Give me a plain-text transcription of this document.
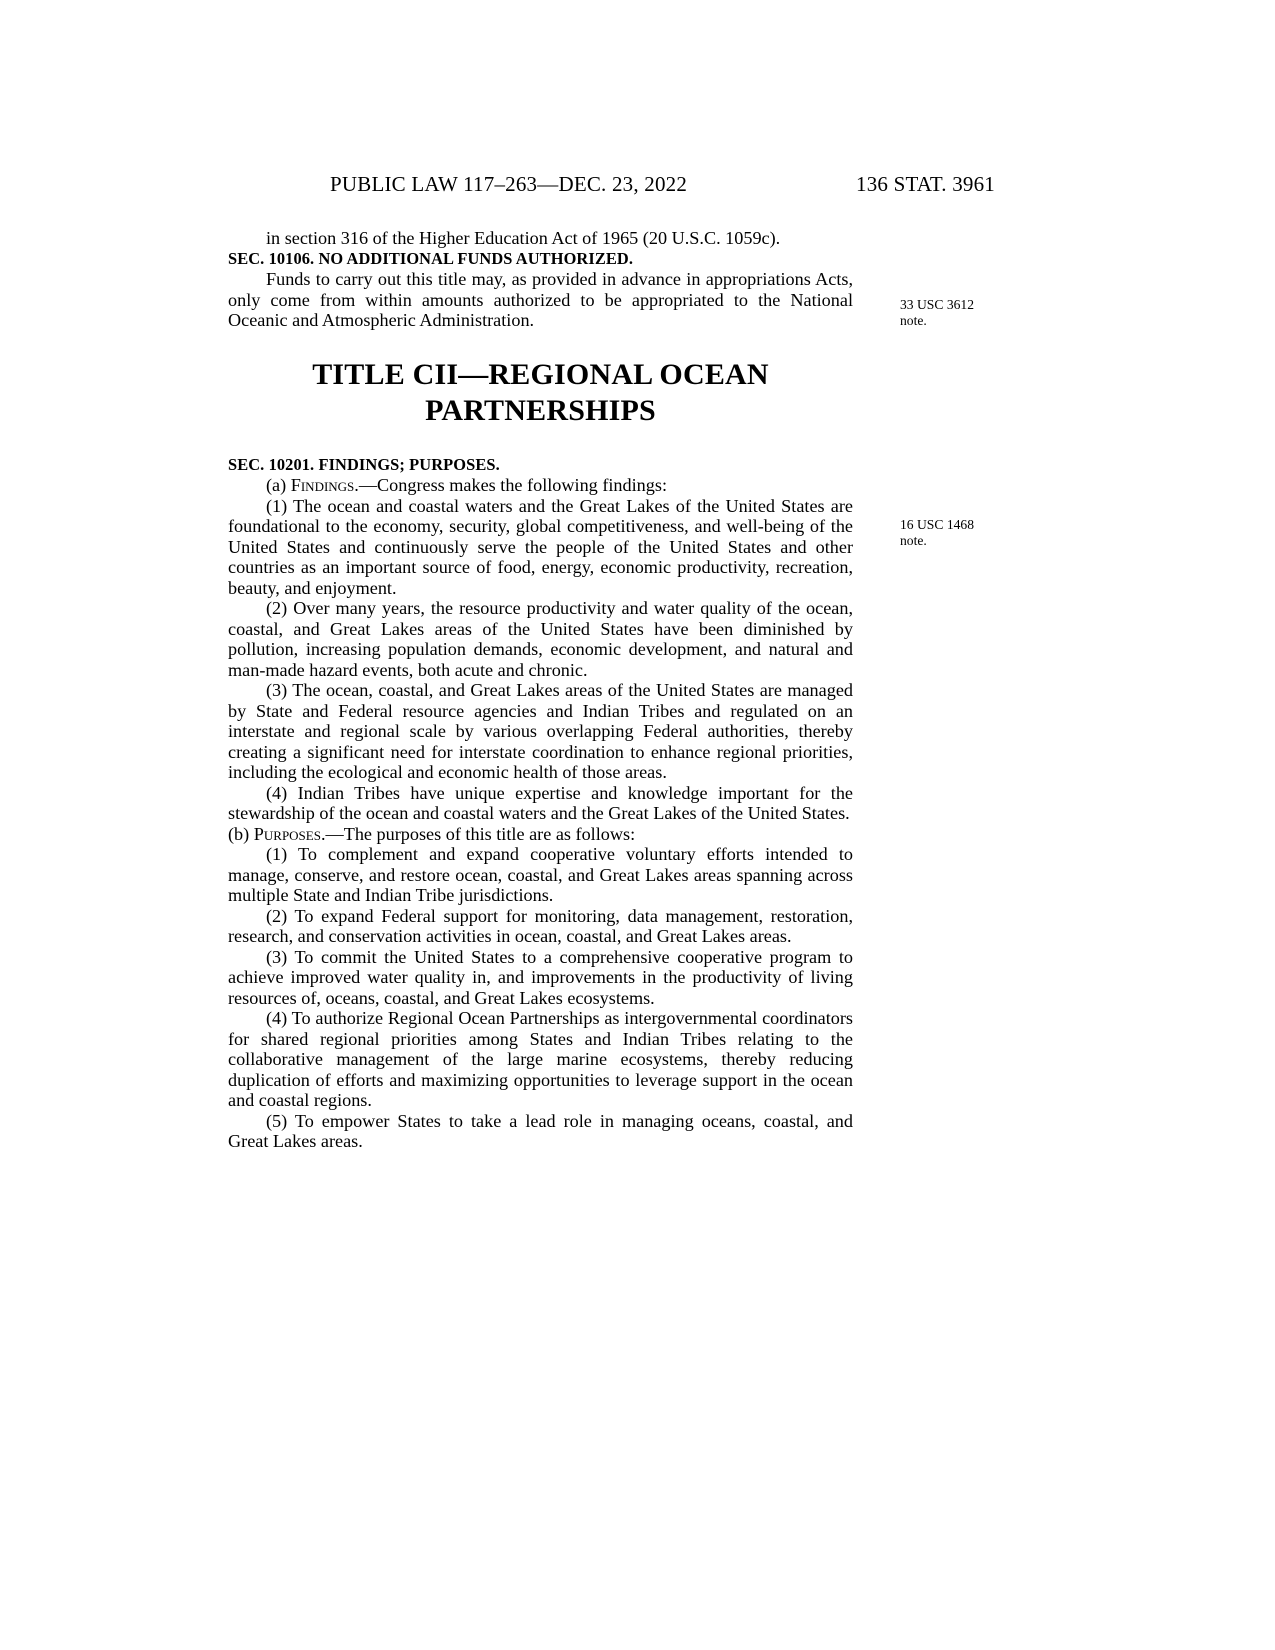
PUBLIC LAW 117–263—DEC. 23, 2022	136 STAT. 3961
33 USC 3612
note.
16 USC 1468
note.

in section 316 of the Higher Education Act of 1965 (20 U.S.C. 1059c).

SEC. 10106. NO ADDITIONAL FUNDS AUTHORIZED.

Funds to carry out this title may, as provided in advance in appropriations Acts, only come from within amounts authorized to be appropriated to the National Oceanic and Atmospheric Administration.

TITLE CII—REGIONAL OCEAN
PARTNERSHIPS

SEC. 10201. FINDINGS; PURPOSES.

(a) Findings.—Congress makes the following findings:

(1) The ocean and coastal waters and the Great Lakes of the United States are foundational to the economy, security, global competitiveness, and well-being of the United States and continuously serve the people of the United States and other countries as an important source of food, energy, economic productivity, recreation, beauty, and enjoyment.

(2) Over many years, the resource productivity and water quality of the ocean, coastal, and Great Lakes areas of the United States have been diminished by pollution, increasing population demands, economic development, and natural and man-made hazard events, both acute and chronic.

(3) The ocean, coastal, and Great Lakes areas of the United States are managed by State and Federal resource agencies and Indian Tribes and regulated on an interstate and regional scale by various overlapping Federal authorities, thereby creating a significant need for interstate coordination to enhance regional priorities, including the ecological and economic health of those areas.

(4) Indian Tribes have unique expertise and knowledge important for the stewardship of the ocean and coastal waters and the Great Lakes of the United States.

(b) Purposes.—The purposes of this title are as follows:

(1) To complement and expand cooperative voluntary efforts intended to manage, conserve, and restore ocean, coastal, and Great Lakes areas spanning across multiple State and Indian Tribe jurisdictions.

(2) To expand Federal support for monitoring, data management, restoration, research, and conservation activities in ocean, coastal, and Great Lakes areas.

(3) To commit the United States to a comprehensive cooperative program to achieve improved water quality in, and improvements in the productivity of living resources of, oceans, coastal, and Great Lakes ecosystems.

(4) To authorize Regional Ocean Partnerships as intergovernmental coordinators for shared regional priorities among States and Indian Tribes relating to the collaborative management of the large marine ecosystems, thereby reducing duplication of efforts and maximizing opportunities to leverage support in the ocean and coastal regions.

(5) To empower States to take a lead role in managing oceans, coastal, and Great Lakes areas.
